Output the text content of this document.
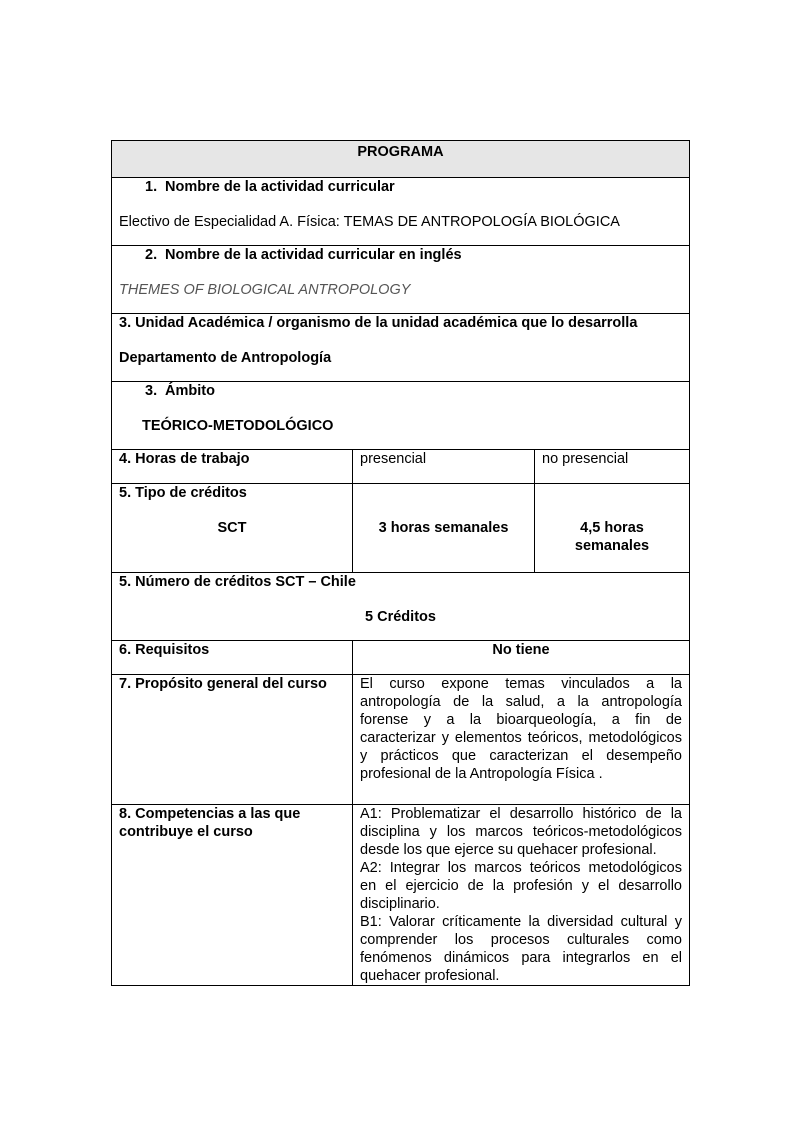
PROGRAMA		

1. Nombre de la actividad curricular
Electivo de Especialidad A. Física: TEMAS DE ANTROPOLOGÍA BIOLÓGICA		

2. Nombre de la actividad curricular en inglés
THEMES OF BIOLOGICAL ANTROPOLOGY		

3. Unidad Académica / organismo de la unidad académica que lo desarrolla
Departamento de Antropología		

3. Ámbito
TEÓRICO-METODOLÓGICO		

4. Horas de trabajo	presencial	no presencial

5. Tipo de créditos
SCT	3 horas semanales	4,5 horas semanales

5. Número de créditos SCT – Chile
5 Créditos		

6. Requisitos	No tiene	
7. Propósito general del curso	El curso expone temas vinculados a la antropología de la salud, a la antropología forense y a la bioarqueología, a fin de caracterizar y elementos teóricos, metodológicos y prácticos que caracterizan el desempeño profesional de la Antropología Física .	
8. Competencias a las que contribuye el curso	A1: Problematizar el desarrollo histórico de la disciplina y los marcos teóricos-metodológicos desde los que ejerce su quehacer profesional.

A2: Integrar los marcos teóricos metodológicos en el ejercicio de la profesión y el desarrollo disciplinario.

B1: Valorar críticamente la diversidad cultural y comprender los procesos culturales como fenómenos dinámicos para integrarlos en el quehacer profesional.	
